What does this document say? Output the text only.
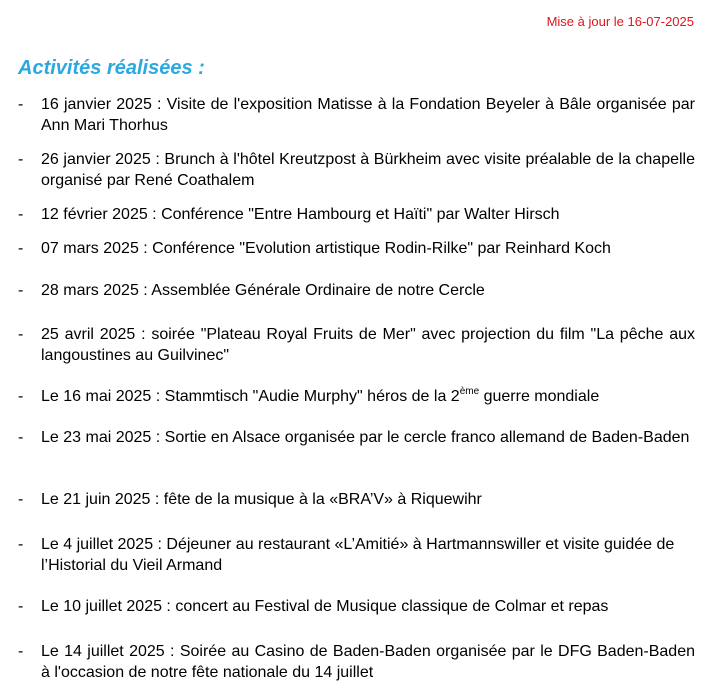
Mise à jour le 16-07-2025
Activités réalisées :
-	16 janvier 2025 : Visite de l'exposition Matisse à la Fondation Beyeler à Bâle organisée par Ann Mari Thorhus
-	26 janvier 2025 : Brunch à l'hôtel Kreutzpost à Bürkheim avec visite préalable de la chapelle organisé par René Coathalem
-	12 février 2025 : Conférence "Entre Hambourg et Haïti" par Walter Hirsch
-	07 mars 2025 : Conférence "Evolution artistique Rodin-Rilke" par Reinhard Koch
-	28 mars 2025 : Assemblée Générale Ordinaire de notre Cercle
-	25 avril 2025 : soirée "Plateau Royal Fruits de Mer" avec projection du film "La pêche aux langoustines au Guilvinec"
-	Le 16 mai 2025 : Stammtisch "Audie Murphy" héros de la 2ème guerre mondiale
-	Le 23 mai 2025 : Sortie en Alsace organisée par le cercle franco allemand de Baden-Baden
-	Le 21 juin 2025 : fête de la musique à la «BRA’V» à Riquewihr
-	Le 4 juillet 2025 : Déjeuner au restaurant «L’Amitié» à Hartmannswiller et visite guidée de l’Historial du Vieil Armand
-	Le 10 juillet 2025 : concert au Festival de Musique classique de Colmar et repas
-	Le 14 juillet 2025 : Soirée au Casino de Baden-Baden organisée par le DFG Baden-Baden à l'occasion de notre fête nationale du 14 juillet
